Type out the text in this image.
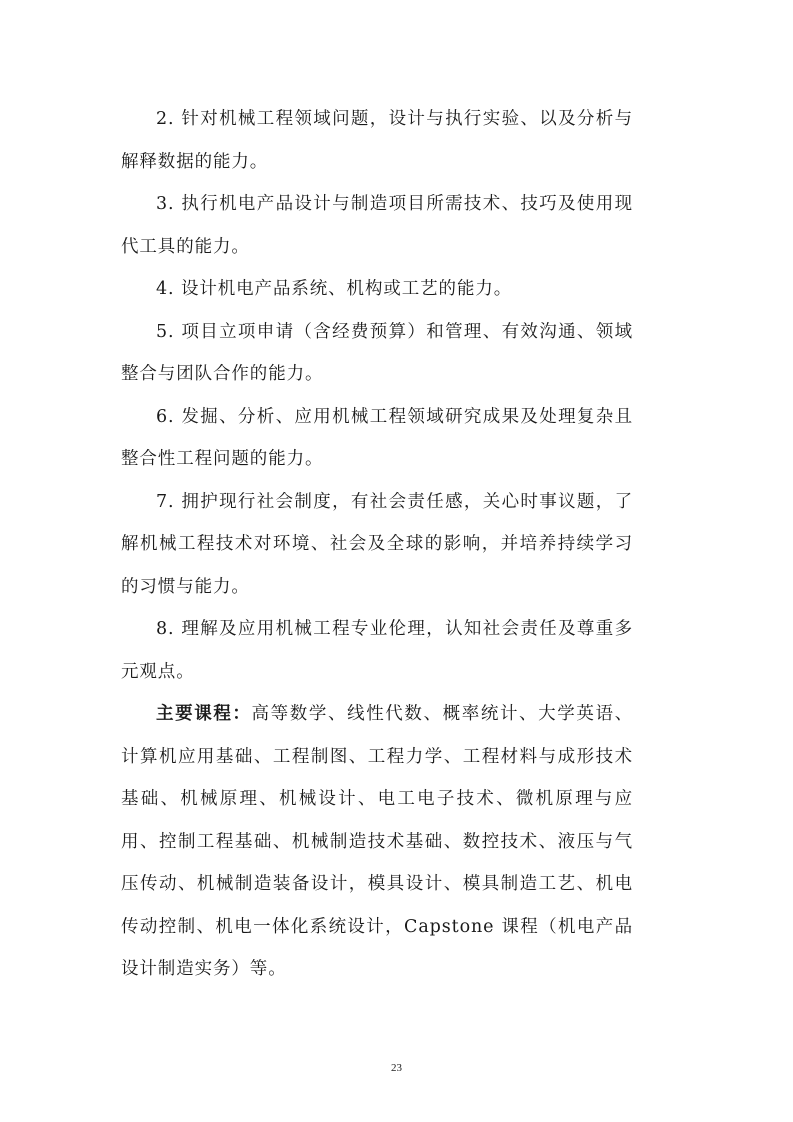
2. 针对机械工程领域问题，设计与执行实验、以及分析与解释数据的能力。

3. 执行机电产品设计与制造项目所需技术、技巧及使用现代工具的能力。

4. 设计机电产品系统、机构或工艺的能力。

5. 项目立项申请（含经费预算）和管理、有效沟通、领域整合与团队合作的能力。

6. 发掘、分析、应用机械工程领域研究成果及处理复杂且整合性工程问题的能力。

7. 拥护现行社会制度，有社会责任感，关心时事议题，了解机械工程技术对环境、社会及全球的影响，并培养持续学习的习惯与能力。

8. 理解及应用机械工程专业伦理，认知社会责任及尊重多元观点。

主要课程：高等数学、线性代数、概率统计、大学英语、计算机应用基础、工程制图、工程力学、工程材料与成形技术基础、机械原理、机械设计、电工电子技术、微机原理与应用、控制工程基础、机械制造技术基础、数控技术、液压与气压传动、机械制造装备设计，模具设计、模具制造工艺、机电传动控制、机电一体化系统设计，Capstone 课程（机电产品设计制造实务）等。

23
